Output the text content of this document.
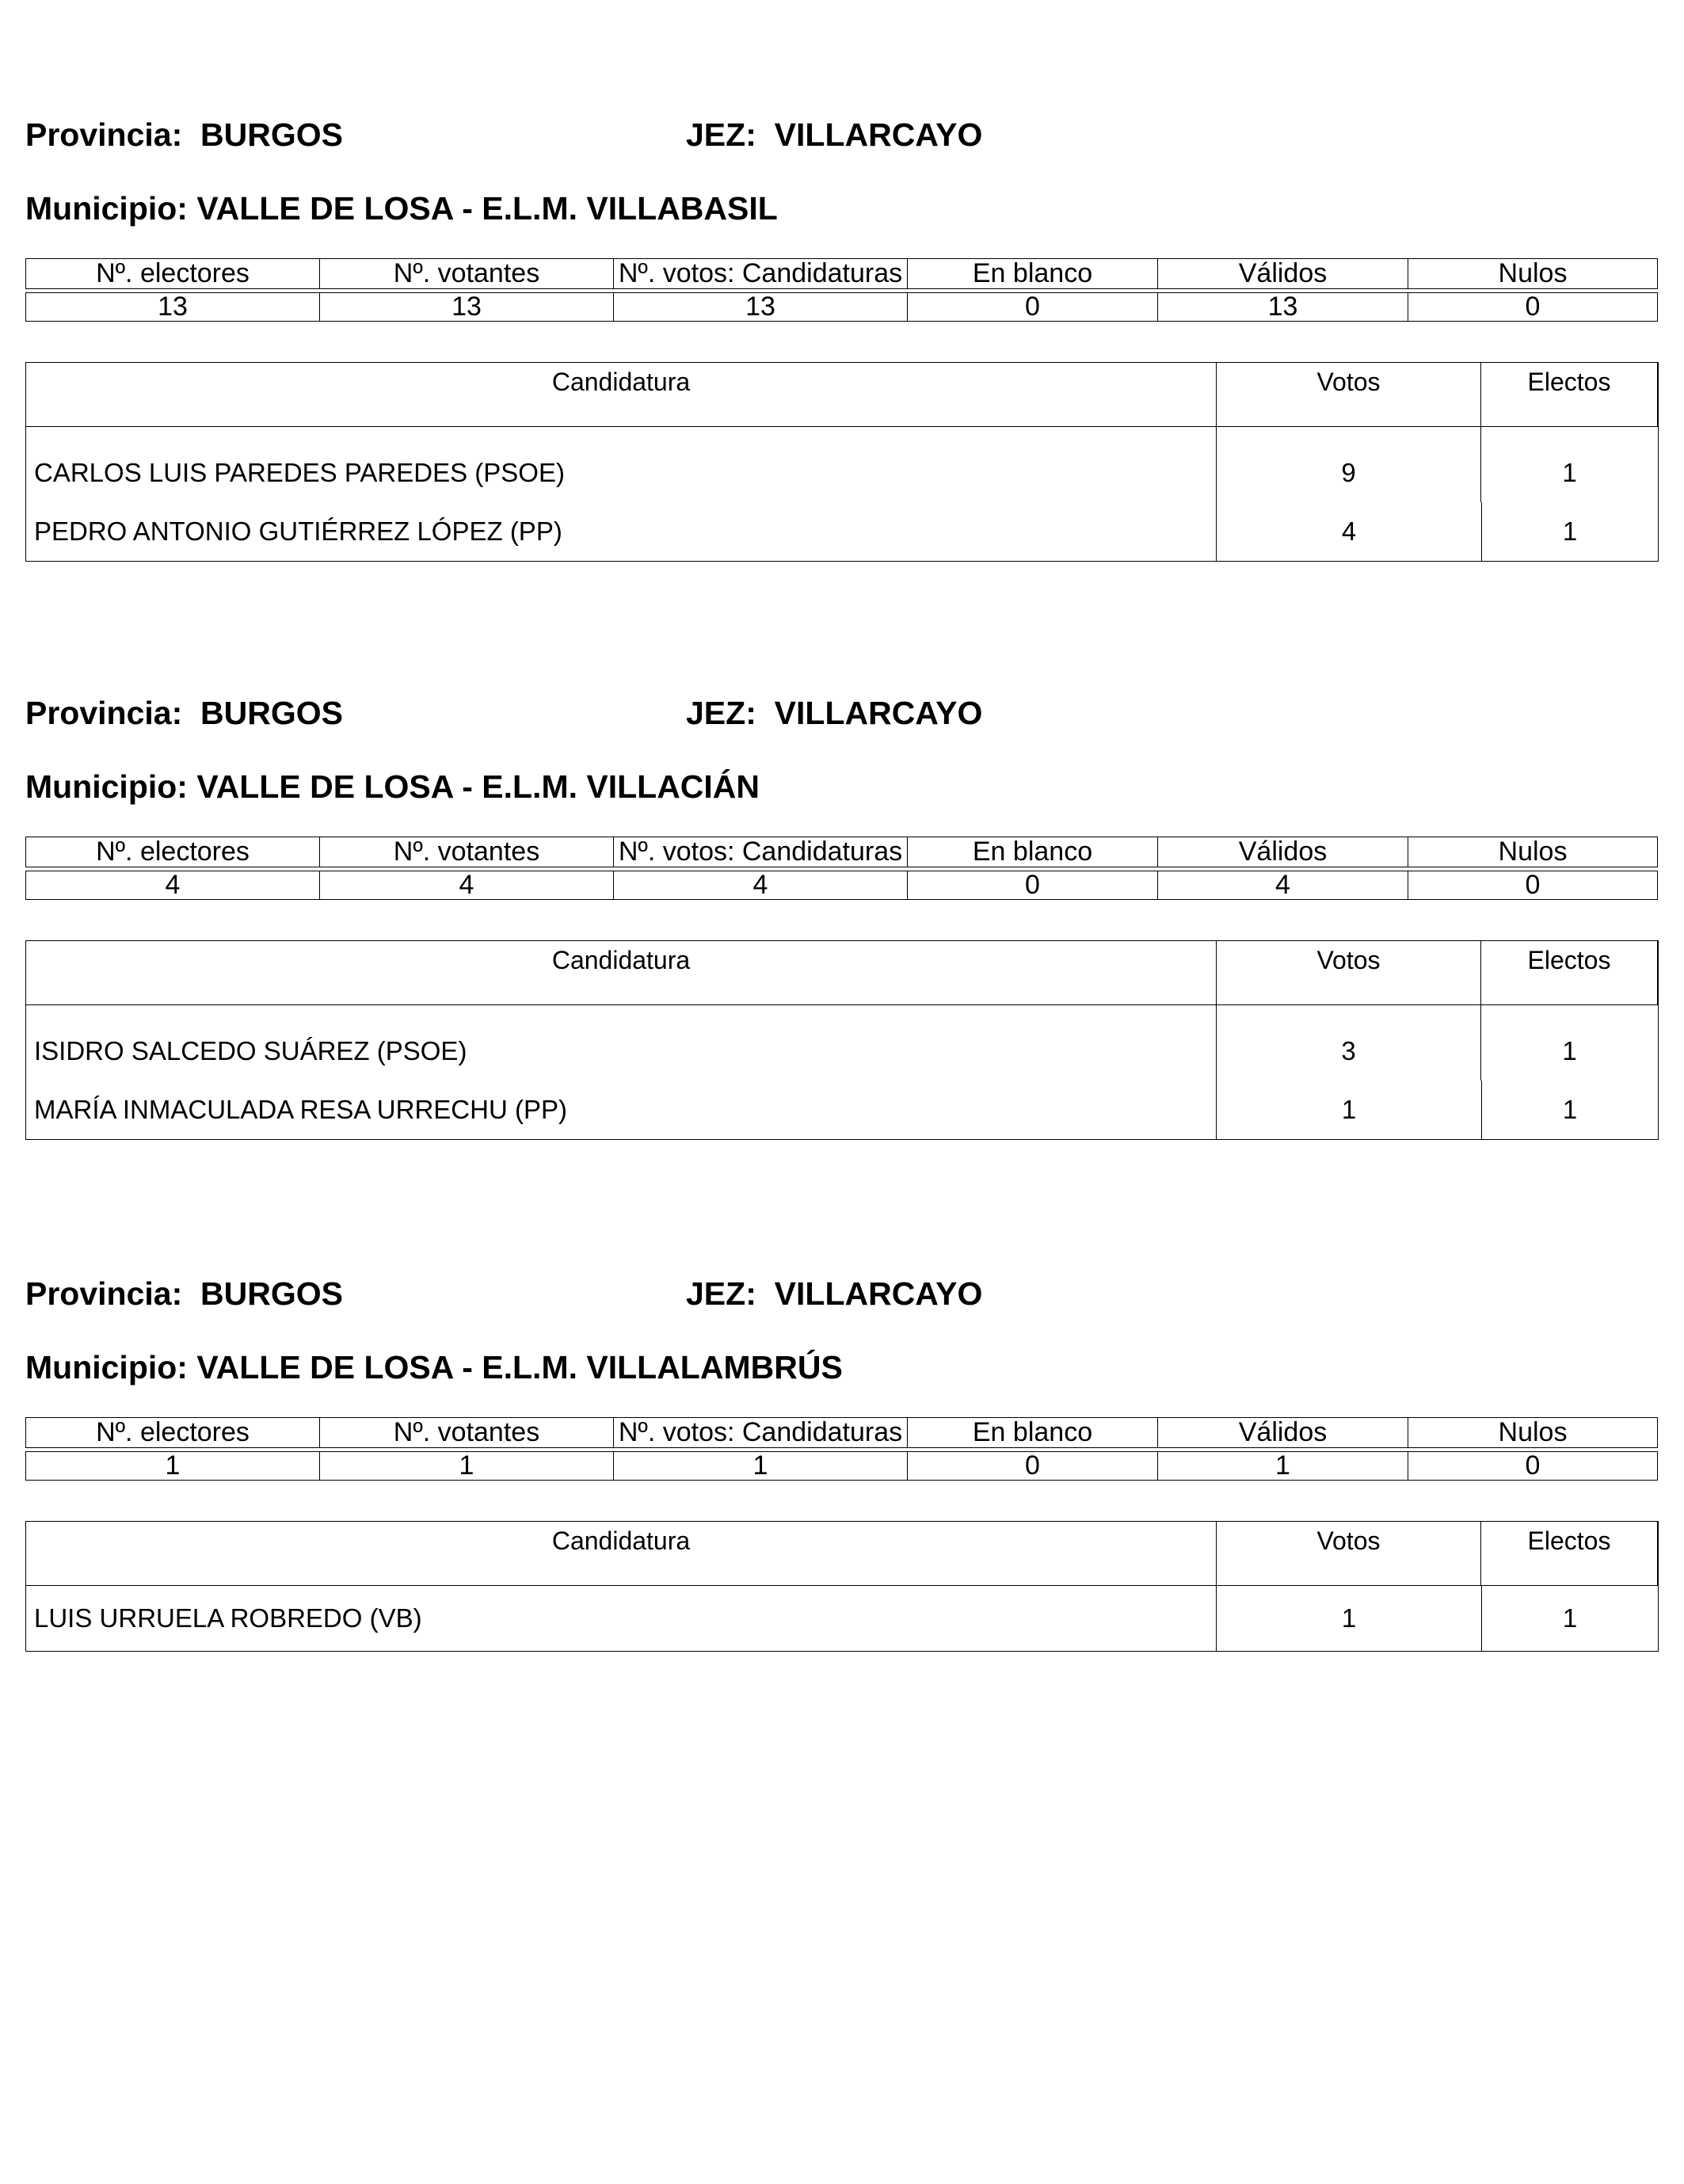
Provincia: BURGOS	JEZ: VILLARCAYO
Municipio: VALLE DE LOSA - E.L.M. VILLABASIL
Nº. electores	Nº. votantes	Nº. votos: Candidaturas	En blanco	Válidos	Nulos

13	13	13	0	13	0
Candidatura	Votos	Electos
CARLOS LUIS PAREDES PAREDES (PSOE)	9	1
PEDRO ANTONIO GUTIÉRREZ LÓPEZ (PP)	4	1
Provincia: BURGOS	JEZ: VILLARCAYO
Municipio: VALLE DE LOSA - E.L.M. VILLACIÁN
Nº. electores	Nº. votantes	Nº. votos: Candidaturas	En blanco	Válidos	Nulos

4	4	4	0	4	0
Candidatura	Votos	Electos
ISIDRO SALCEDO SUÁREZ (PSOE)	3	1
MARÍA INMACULADA RESA URRECHU (PP)	1	1
Provincia: BURGOS	JEZ: VILLARCAYO
Municipio: VALLE DE LOSA - E.L.M. VILLALAMBRÚS
Nº. electores	Nº. votantes	Nº. votos: Candidaturas	En blanco	Válidos	Nulos

1	1	1	0	1	0
Candidatura	Votos	Electos
LUIS URRUELA ROBREDO (VB)	1	1
